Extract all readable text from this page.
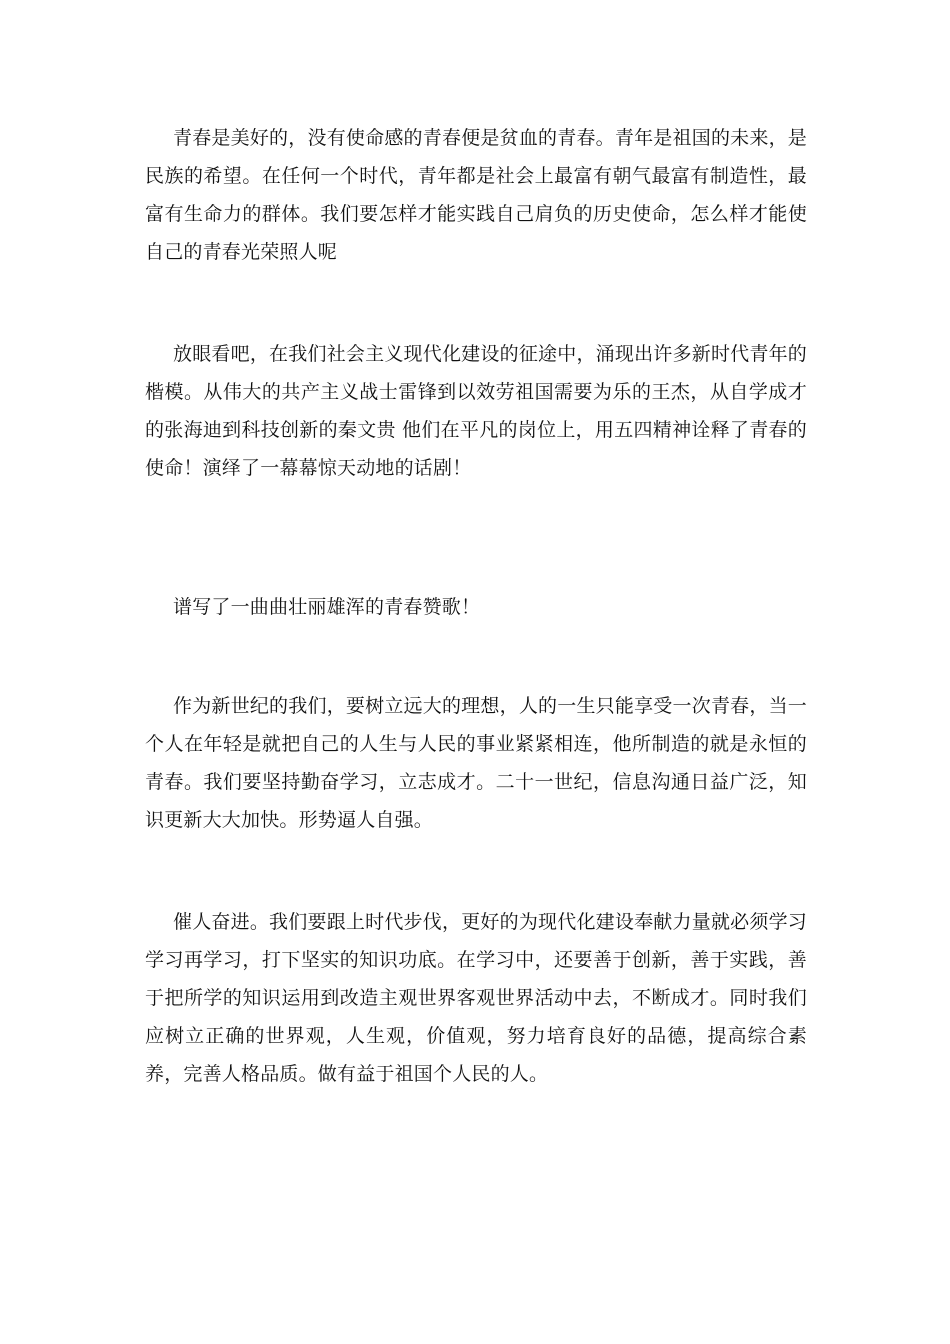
青春是美好的，没有使命感的青春便是贫血的青春。青年是祖国的未来，是民族的希望。在任何一个时代，青年都是社会上最富有朝气最富有制造性，最富有生命力的群体。我们要怎样才能实践自己肩负的历史使命，怎么样才能使自己的青春光荣照人呢

放眼看吧，在我们社会主义现代化建设的征途中，涌现出许多新时代青年的楷模。从伟大的共产主义战士雷锋到以效劳祖国需要为乐的王杰，从自学成才的张海迪到科技创新的秦文贵 他们在平凡的岗位上，用五四精神诠释了青春的使命！演绎了一幕幕惊天动地的话剧！

谱写了一曲曲壮丽雄浑的青春赞歌！

作为新世纪的我们，要树立远大的理想，人的一生只能享受一次青春，当一个人在年轻是就把自己的人生与人民的事业紧紧相连，他所制造的就是永恒的青春。我们要坚持勤奋学习，立志成才。二十一世纪，信息沟通日益广泛，知识更新大大加快。形势逼人自强。

催人奋进。我们要跟上时代步伐，更好的为现代化建设奉献力量就必须学习学习再学习，打下坚实的知识功底。在学习中，还要善于创新，善于实践，善于把所学的知识运用到改造主观世界客观世界活动中去，不断成才。同时我们应树立正确的世界观，人生观，价值观，努力培育良好的品德，提高综合素养，完善人格品质。做有益于祖国个人民的人。
